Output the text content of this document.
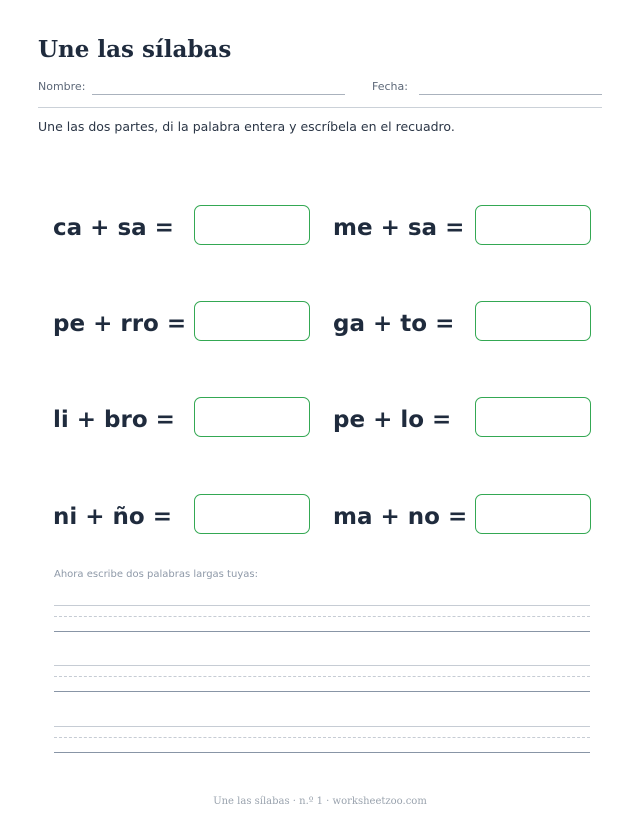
Une las sílabas
Nombre:	Fecha:
Une las dos partes, di la palabra entera y escríbela en el recuadro.
ca + sa =	me + sa =
pe + rro =	ga + to =
li + bro =	pe + lo =
ni + ño =	ma + no =
Ahora escribe dos palabras largas tuyas:
Une las sílabas · n.º 1 · worksheetzoo.com
